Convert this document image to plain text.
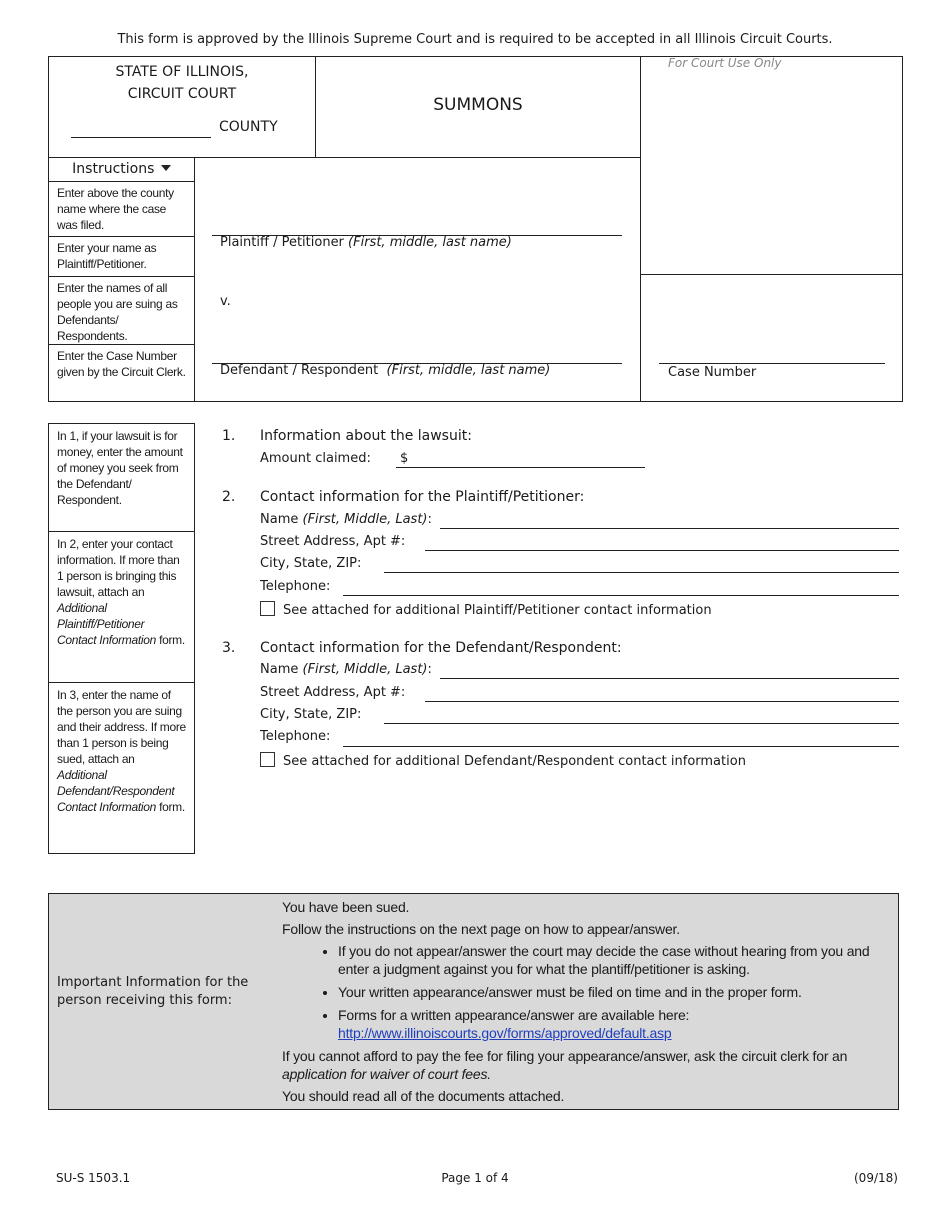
This form is approved by the Illinois Supreme Court and is required to be accepted in all Illinois Circuit Courts.
STATE OF ILLINOIS,
CIRCUIT COURT
COUNTY
SUMMONS
For Court Use Only
Instructions
Enter above the county name where the case was filed.
Enter your name as Plaintiff/Petitioner.
Enter the names of all people you are suing as Defendants/ Respondents.
Enter the Case Number given by the Circuit Clerk.
Plaintiff / Petitioner (First, middle, last name)
v.
Defendant / Respondent (First, middle, last name)	Case Number
In 1, if your lawsuit is for money, enter the amount of money you seek from the Defendant/ Respondent.
In 2, enter your contact information. If more than 1 person is bringing this lawsuit, attach an Additional Plaintiff/Petitioner Contact Information form.
In 3, enter the name of the person you are suing and their address. If more than 1 person is being sued, attach an Additional Defendant/Respondent Contact Information form.
1. Information about the lawsuit:
Amount claimed: $
2. Contact information for the Plaintiff/Petitioner:
Name (First, Middle, Last):
Street Address, Apt #:
City, State, ZIP:
Telephone:
See attached for additional Plaintiff/Petitioner contact information
3. Contact information for the Defendant/Respondent:
Name (First, Middle, Last):
Street Address, Apt #:
City, State, ZIP:
Telephone:
See attached for additional Defendant/Respondent contact information
Important Information for the person receiving this form:

You have been sued.

Follow the instructions on the next page on how to appear/answer.

• If you do not appear/answer the court may decide the case without hearing from you and enter a judgment against you for what the plantiff/petitioner is asking.
• Your written appearance/answer must be filed on time and in the proper form.
• Forms for a written appearance/answer are available here:
http://www.illinoiscourts.gov/forms/approved/default.asp

If you cannot afford to pay the fee for filing your appearance/answer, ask the circuit clerk for an application for waiver of court fees.

You should read all of the documents attached.

SU-S 1503.1	Page 1 of 4	(09/18)
